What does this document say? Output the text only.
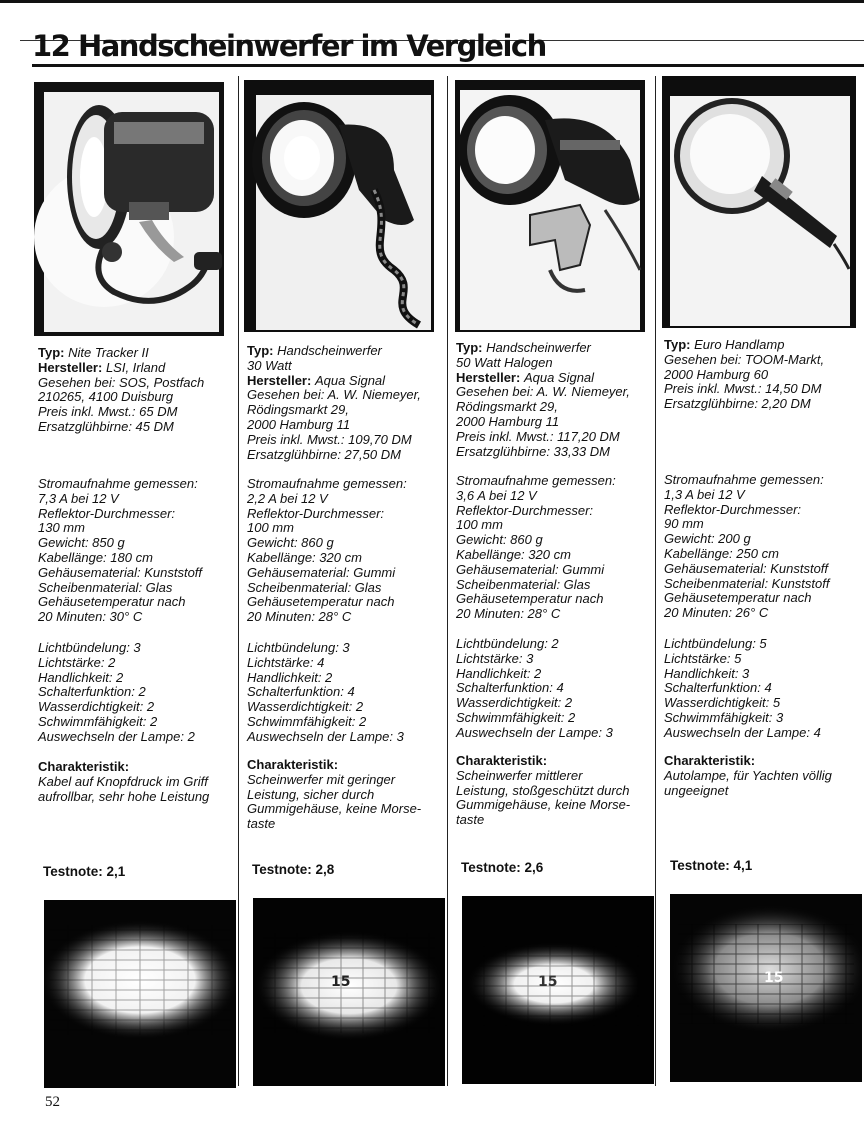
12 Handscheinwerfer im Vergleich

Typ: Nite Tracker II

Hersteller: LSI, Irland

Gesehen bei: SOS, Postfach

210265, 4100 Duisburg

Preis inkl. Mwst.: 65 DM

Ersatzglühbirne: 45 DM

Stromaufnahme gemessen:

7,3 A bei 12 V

Reflektor-Durchmesser:

130 mm

Gewicht: 850 g

Kabellänge: 180 cm

Gehäusematerial: Kunststoff

Scheibenmaterial: Glas

Gehäusetemperatur nach

20 Minuten: 30° C

Lichtbündelung: 3

Lichtstärke: 2

Handlichkeit: 2

Schalterfunktion: 2

Wasserdichtigkeit: 2

Schwimmfähigkeit: 2

Auswechseln der Lampe: 2

Charakteristik:

Kabel auf Knopfdruck im Griff

aufrollbar, sehr hohe Leistung

Testnote: 2,1

Typ: Handscheinwerfer

30 Watt

Hersteller: Aqua Signal

Gesehen bei: A. W. Niemeyer,

Rödingsmarkt 29,

2000 Hamburg 11

Preis inkl. Mwst.: 109,70 DM

Ersatzglühbirne: 27,50 DM

Stromaufnahme gemessen:

2,2 A bei 12 V

Reflektor-Durchmesser:

100 mm

Gewicht: 860 g

Kabellänge: 320 cm

Gehäusematerial: Gummi

Scheibenmaterial: Glas

Gehäusetemperatur nach

20 Minuten: 28° C

Lichtbündelung: 3

Lichtstärke: 4

Handlichkeit: 2

Schalterfunktion: 4

Wasserdichtigkeit: 2

Schwimmfähigkeit: 2

Auswechseln der Lampe: 3

Charakteristik:

Scheinwerfer mit geringer

Leistung, sicher durch

Gummigehäuse, keine Morse-

taste

Testnote: 2,8

Typ: Handscheinwerfer

50 Watt Halogen

Hersteller: Aqua Signal

Gesehen bei: A. W. Niemeyer,

Rödingsmarkt 29,

2000 Hamburg 11

Preis inkl. Mwst.: 117,20 DM

Ersatzglühbirne: 33,33 DM

Stromaufnahme gemessen:

3,6 A bei 12 V

Reflektor-Durchmesser:

100 mm

Gewicht: 860 g

Kabellänge: 320 cm

Gehäusematerial: Gummi

Scheibenmaterial: Glas

Gehäusetemperatur nach

20 Minuten: 28° C

Lichtbündelung: 2

Lichtstärke: 3

Handlichkeit: 2

Schalterfunktion: 4

Wasserdichtigkeit: 2

Schwimmfähigkeit: 2

Auswechseln der Lampe: 3

Charakteristik:

Scheinwerfer mittlerer

Leistung, stoßgeschützt durch

Gummigehäuse, keine Morse-

taste

Testnote: 2,6

Typ: Euro Handlamp

Gesehen bei: TOOM-Markt,

2000 Hamburg 60

Preis inkl. Mwst.: 14,50 DM

Ersatzglühbirne: 2,20 DM

Stromaufnahme gemessen:

1,3 A bei 12 V

Reflektor-Durchmesser:

90 mm

Gewicht: 200 g

Kabellänge: 250 cm

Gehäusematerial: Kunststoff

Scheibenmaterial: Kunststoff

Gehäusetemperatur nach

20 Minuten: 26° C

Lichtbündelung: 5

Lichtstärke: 5

Handlichkeit: 3

Schalterfunktion: 4

Wasserdichtigkeit: 5

Schwimmfähigkeit: 3

Auswechseln der Lampe: 4

Charakteristik:

Autolampe, für Yachten völlig

ungeeignet

Testnote: 4,1
15	15	15
52
